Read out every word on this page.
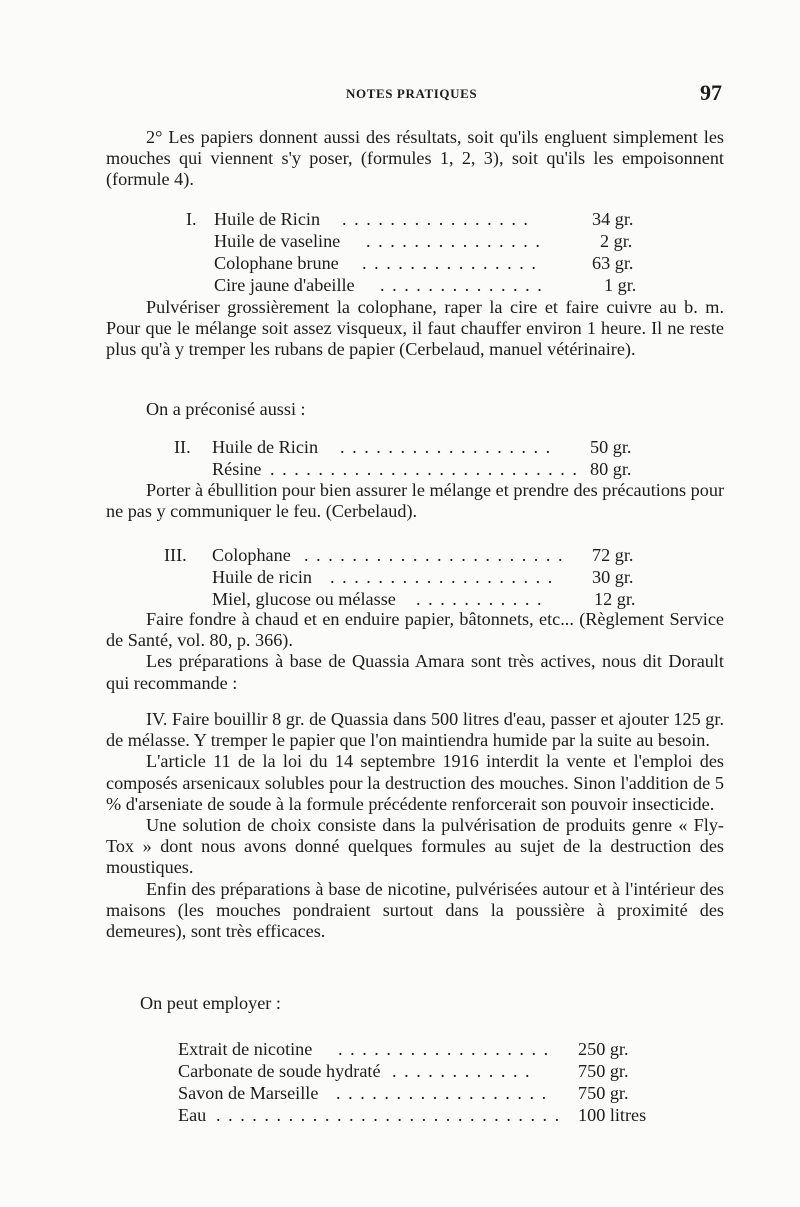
NOTES PRATIQUES	97

2° Les papiers donnent aussi des résultats, soit qu'ils engluent simplement les mouches qui viennent s'y poser, (formules 1, 2, 3), soit qu'ils les empoisonnent (formule 4).

I. Huile de Ricin . . . . . . . . . . . . . . . .	34 gr.
Huile de vaseline . . . . . . . . . . . . . . .	2 gr.
Colophane brune . . . . . . . . . . . . . . .	63 gr.
Cire jaune d'abeille . . . . . . . . . . . . . .	1 gr.

Pulvériser grossièrement la colophane, raper la cire et faire cuivre au b. m. Pour que le mélange soit assez visqueux, il faut chauffer environ 1 heure. Il ne reste plus qu'à y tremper les rubans de papier (Cerbelaud, manuel vétérinaire).

On a préconisé aussi :
II. Huile de Ricin . . . . . . . . . . . . . . . . . . 50 gr.
Résine . . . . . . . . . . . . . . . . . . . . . . . . . . 80 gr.

Porter à ébullition pour bien assurer le mélange et prendre des précautions pour ne pas y communiquer le feu. (Cerbelaud).

III. Colophane . . . . . . . . . . . . . . . . . . . . . . 72 gr.
Huile de ricin . . . . . . . . . . . . . . . . . . . 30 gr.
Miel, glucose ou mélasse . . . . . . . . . . .	12 gr.

Faire fondre à chaud et en enduire papier, bâtonnets, etc... (Règlement Service de Santé, vol. 80, p. 366).

Les préparations à base de Quassia Amara sont très actives, nous dit Dorault qui recommande :

IV. Faire bouillir 8 gr. de Quassia dans 500 litres d'eau, passer et ajouter 125 gr. de mélasse. Y tremper le papier que l'on maintiendra humide par la suite au besoin.

L'article 11 de la loi du 14 septembre 1916 interdit la vente et l'emploi des composés arsenicaux solubles pour la destruction des mouches. Sinon l'addition de 5 % d'arseniate de soude à la formule précédente renforcerait son pouvoir insecticide.

Une solution de choix consiste dans la pulvérisation de produits genre « Fly-Tox » dont nous avons donné quelques formules au sujet de la destruction des moustiques.

Enfin des préparations à base de nicotine, pulvérisées autour et à l'intérieur des maisons (les mouches pondraient surtout dans la poussière à proximité des demeures), sont très efficaces.

On peut employer :
Extrait de nicotine . . . . . . . . . . . . . . . . . . 250 gr.
Carbonate de soude hydraté . . . . . . . . . . . .	750 gr.
Savon de Marseille . . . . . . . . . . . . . . . . . . 750 gr.
Eau . . . . . . . . . . . . . . . . . . . . . . . . . . . . . 100 litres
